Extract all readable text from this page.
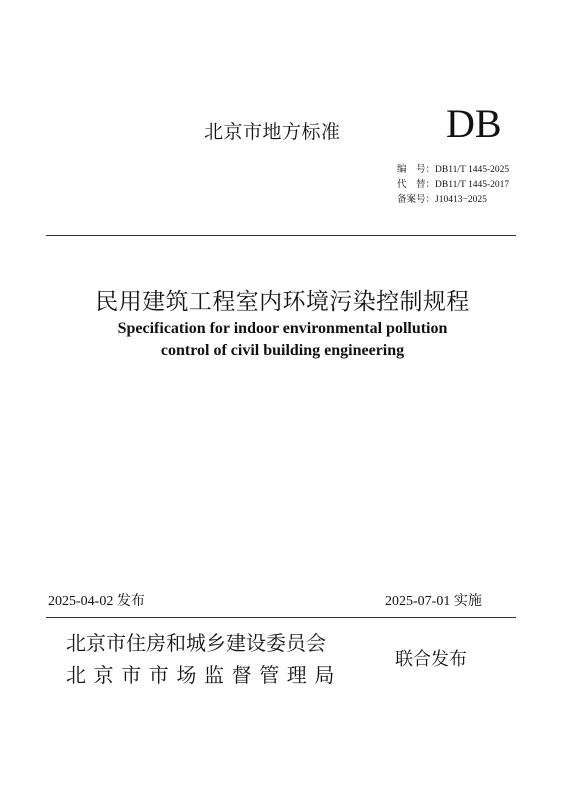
北京市地方标准	DB
编　号：DB11/T 1445-2025
代　替：DB11/T 1445-2017
备案号：J10413−2025
民用建筑工程室内环境污染控制规程
Specification for indoor environmental pollution
control of civil building engineering
2025-04-02 发布	2025-07-01 实施
北京市住房和城乡建设委员会
北京市市场监督管理局
联合发布
